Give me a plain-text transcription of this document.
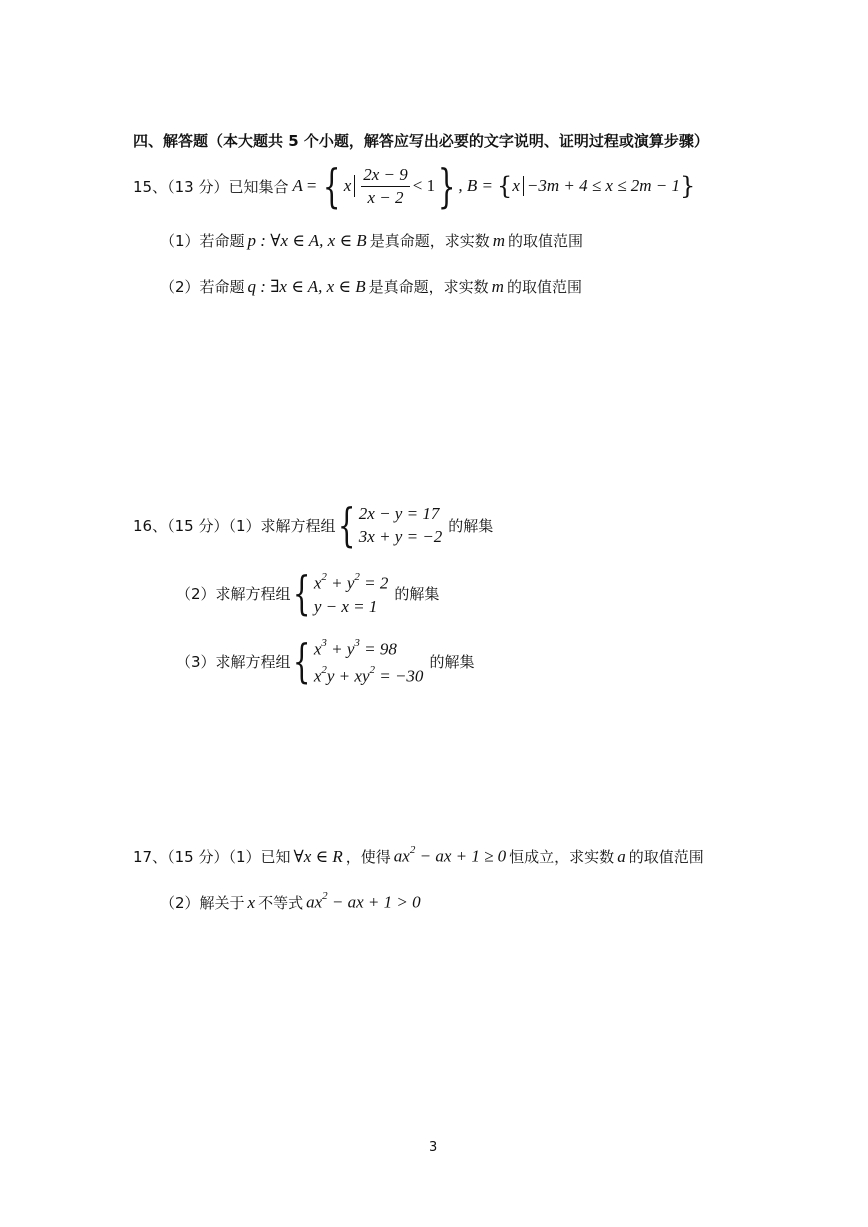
四、解答题（本大题共 5 个小题，解答应写出必要的文字说明、证明过程或演算步骤）
15、（13 分）已知集合 A = { x $\frac{2x - 9}{x - 2} < 1$ } , B = { x −3m + 4 ≤ x ≤ 2m − 1 }
（1）若命题 p : ∀x ∈ A, x ∈ B 是真命题，求实数 m 的取值范围
（2）若命题 q : ∃x ∈ A, x ∈ B 是真命题，求实数 m 的取值范围
16、（15 分）（1）求解方程组 { 2x − y = 17
3x + y = −2
的解集
（2）求解方程组 { $x^2 + y^2 = 2$
y − x = 1
的解集
（3）求解方程组 { $x^3 + y^3 = 98$
$x^2y + xy^2 = -30$
的解集
17、（15 分）（1）已知 ∀x ∈ R ，使得 $ax^2$ − ax + 1 ≥ 0 恒成立，求实数 a 的取值范围
（2）解关于 x 不等式 $ax^2$ − ax + 1 > 0
3
